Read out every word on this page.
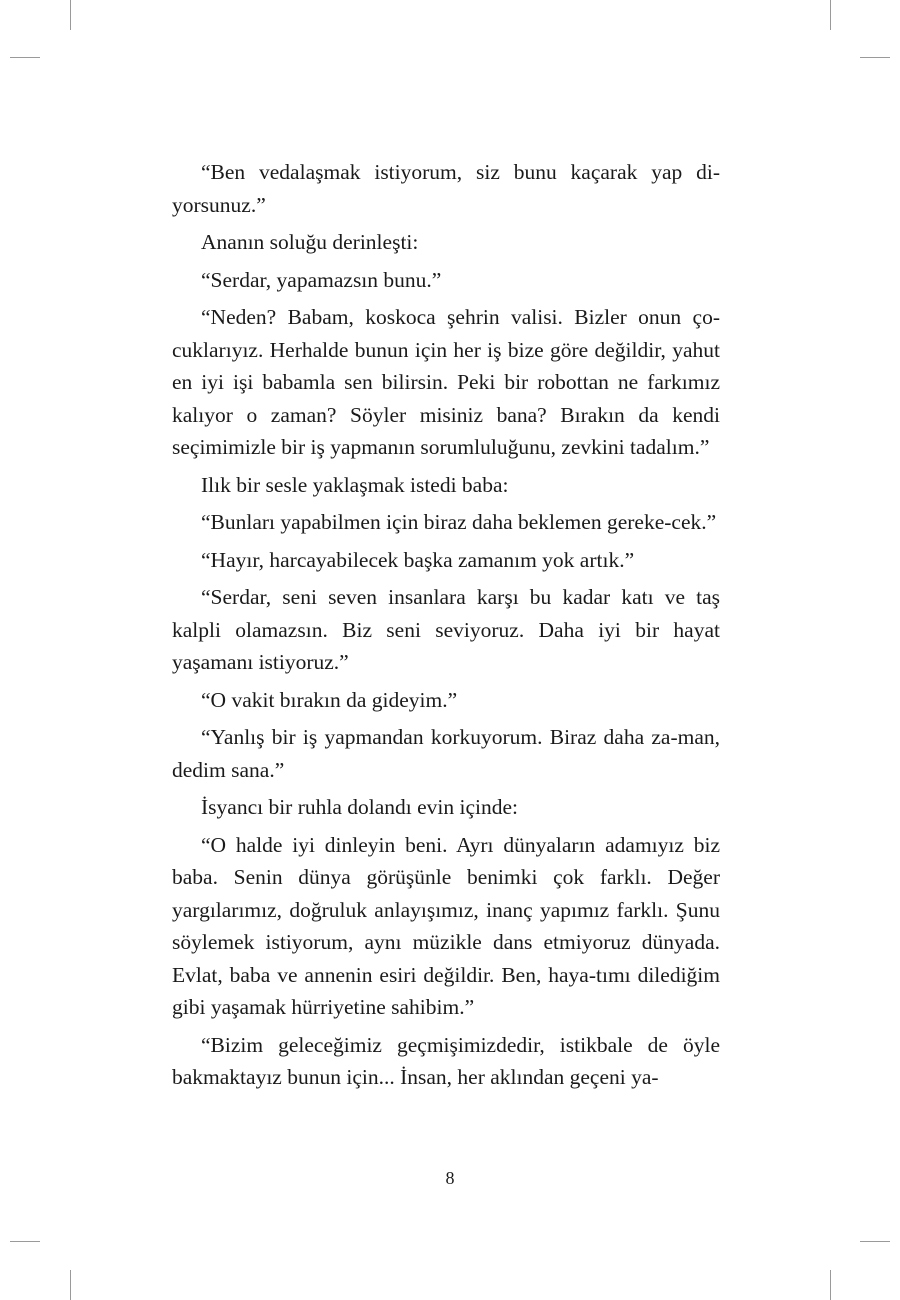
“Ben vedalaşmak istiyorum, siz bunu kaçarak yap di-yorsunuz.”

Ananın soluğu derinleşti:

“Serdar, yapamazsın bunu.”

“Neden? Babam, koskoca şehrin valisi. Bizler onun ço-cuklarıyız. Herhalde bunun için her iş bize göre değildir, yahut en iyi işi babamla sen bilirsin. Peki bir robottan ne farkımız kalıyor o zaman? Söyler misiniz bana? Bırakın da kendi seçimimizle bir iş yapmanın sorumluluğunu, zevkini tadalım.”

Ilık bir sesle yaklaşmak istedi baba:

“Bunları yapabilmen için biraz daha beklemen gereke-cek.”

“Hayır, harcayabilecek başka zamanım yok artık.”

“Serdar, seni seven insanlara karşı bu kadar katı ve taş kalpli olamazsın. Biz seni seviyoruz. Daha iyi bir hayat yaşamanı istiyoruz.”

“O vakit bırakın da gideyim.”

“Yanlış bir iş yapmandan korkuyorum. Biraz daha za-man, dedim sana.”

İsyancı bir ruhla dolandı evin içinde:

“O halde iyi dinleyin beni. Ayrı dünyaların adamıyız biz baba. Senin dünya görüşünle benimki çok farklı. Değer yargılarımız, doğruluk anlayışımız, inanç yapımız farklı. Şunu söylemek istiyorum, aynı müzikle dans etmiyoruz dünyada. Evlat, baba ve annenin esiri değildir. Ben, haya-tımı dilediğim gibi yaşamak hürriyetine sahibim.”

“Bizim geleceğimiz geçmişimizdedir, istikbale de öyle bakmaktayız bunun için... İnsan, her aklından geçeni ya-

8
